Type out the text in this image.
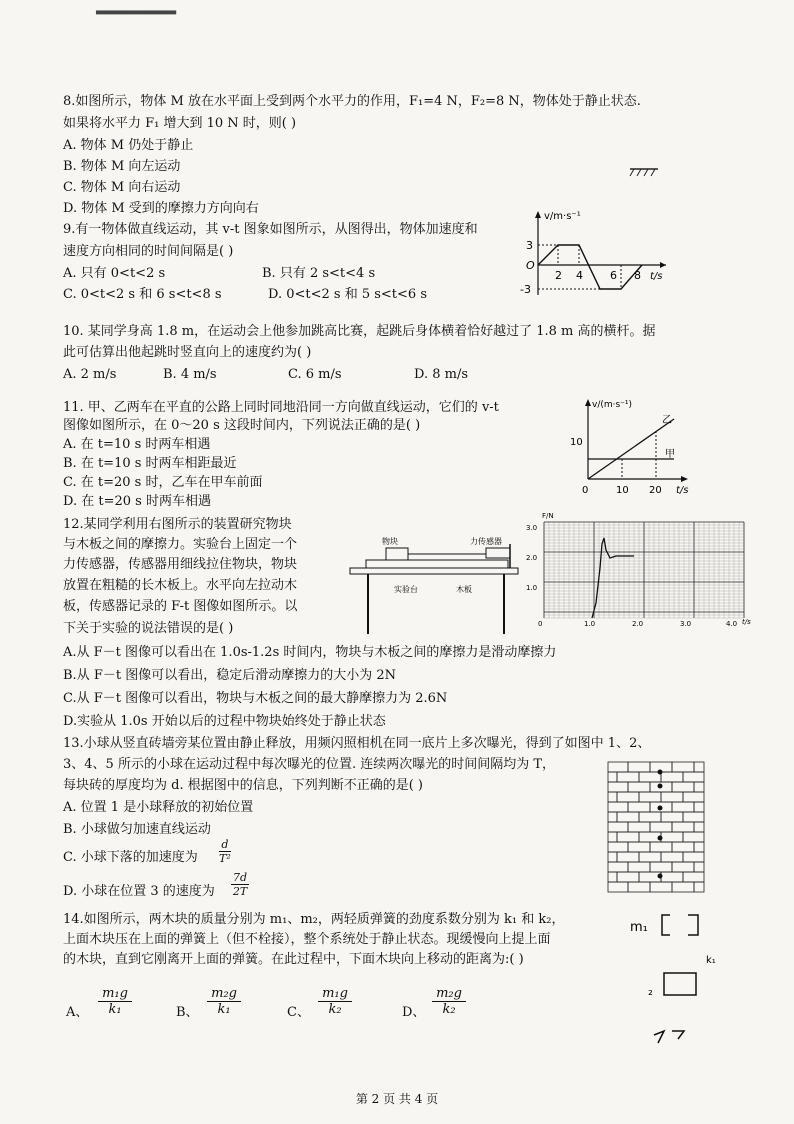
▂▂▂▂▂▂▂▂
8.如图所示，物体 M 放在水平面上受到两个水平力的作用，F₁=4 N，F₂=8 N，物体处于静止状态.
如果将水平力 F₁ 增大到 10 N 时，则( )
A. 物体 M 仍处于静止
B. 物体 M 向左运动
C. 物体 M 向右运动
D. 物体 M 受到的摩擦力方向向右
9.有一物体做直线运动，其 v-t 图象如图所示，从图得出，物体加速度和
速度方向相同的时间间隔是( )
A. 只有 0<t<2 s	B. 只有 2 s<t<4 s
C. 0<t<2 s 和 6 s<t<8 s	D. 0<t<2 s 和 5 s<t<6 s
v/m·s⁻¹
t/s
O
3
-3
2 4 6 8
10. 某同学身高 1.8 m，在运动会上他参加跳高比赛，起跳后身体横着恰好越过了 1.8 m 高的横杆。据
此可估算出他起跳时竖直向上的速度约为( )
A. 2 m/s	B. 4 m/s	C. 6 m/s	D. 8 m/s
11. 甲、乙两车在平直的公路上同时同地沿同一方向做直线运动，它们的 v-t
图像如图所示，在 0～20 s 这段时间内，下列说法正确的是( )
A. 在 t=10 s 时两车相遇
B. 在 t=10 s 时两车相距最近
C. 在 t=20 s 时，乙车在甲车前面
D. 在 t=20 s 时两车相遇
v/(m·s⁻¹)
t/s
0
10
10 20
甲
乙
12.某同学利用右图所示的装置研究物块
与木板之间的摩擦力。实验台上固定一个
力传感器，传感器用细线拉住物块，物块
放置在粗糙的长木板上。水平向左拉动木
板，传感器记录的 F-t 图像如图所示。以
下关于实验的说法错误的是( )
物块	力传感器
实验台	木板
F/N
t/s
3.0
2.0
1.0
0	1.0	2.0	3.0	4.0
A.从 F－t 图像可以看出在 1.0s-1.2s 时间内，物块与木板之间的摩擦力是滑动摩擦力
B.从 F－t 图像可以看出，稳定后滑动摩擦力的大小为 2N
C.从 F－t 图像可以看出，物块与木板之间的最大静摩擦力为 2.6N
D.实验从 1.0s 开始以后的过程中物块始终处于静止状态
13.小球从竖直砖墙旁某位置由静止释放，用频闪照相机在同一底片上多次曝光，得到了如图中 1、2、
3、4、5 所示的小球在运动过程中每次曝光的位置. 连续两次曝光的时间间隔均为 T，
每块砖的厚度均为 d. 根据图中的信息，下列判断不正确的是( )
A. 位置 1 是小球释放的初始位置
B. 小球做匀加速直线运动
C. 小球下落的加速度为 $\frac{d}{\text{T²}}$
D. 小球在位置 3 的速度为 $\frac{7d}{2T}$
14.如图所示，两木块的质量分别为 m₁、m₂，两轻质弹簧的劲度系数分别为 k₁ 和 k₂，
上面木块压在上面的弹簧上（但不栓接），整个系统处于静止状态。现缓慢向上提上面
的木块，直到它刚离开上面的弹簧。在此过程中，下面木块向上移动的距离为:( )
A、 $\frac{\text{m₁g}}{\text{k₁}}$	B、 $\frac{\text{m₂g}}{\text{k₁}}$	C、 $\frac{\text{m₁g}}{\text{k₂}}$	D、 $\frac{\text{m₂g}}{\text{k₂}}$
m₁
k₁
₂
第 2 页 共 4 页
